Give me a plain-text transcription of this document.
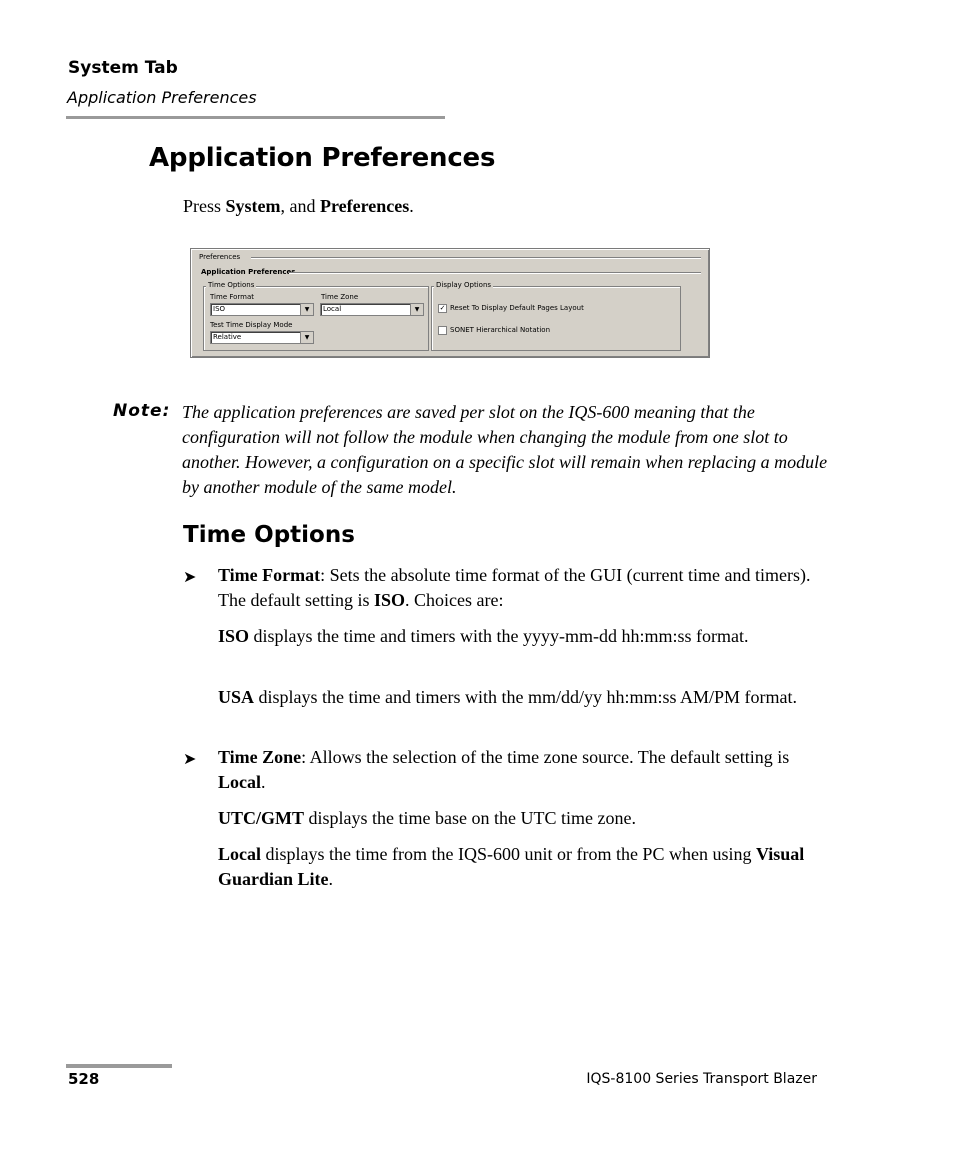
System Tab
Application Preferences
Application Preferences
Press System, and Preferences.
Preferences
Application Preferences
Time Options
Time Format
ISO	▼
Time Zone
Local	▼
Test Time Display Mode
Relative	▼
Display Options
✓ Reset To Display Default Pages Layout
SONET Hierarchical Notation
Note: The application preferences are saved per slot on the IQS-600 meaning that the configuration will not follow the module when changing the module from one slot to another. However, a configuration on a specific slot will remain when replacing a module by another module of the same model.
Time Options
➤ Time Format: Sets the absolute time format of the GUI (current time and timers). The default setting is ISO. Choices are:
ISO displays the time and timers with the yyyy-mm-dd hh:mm:ss format.
USA displays the time and timers with the mm/dd/yy hh:mm:ss AM/PM format.
➤ Time Zone: Allows the selection of the time zone source. The default setting is Local.
UTC/GMT displays the time base on the UTC time zone.
Local displays the time from the IQS-600 unit or from the PC when using Visual Guardian Lite.
528	IQS-8100 Series Transport Blazer
